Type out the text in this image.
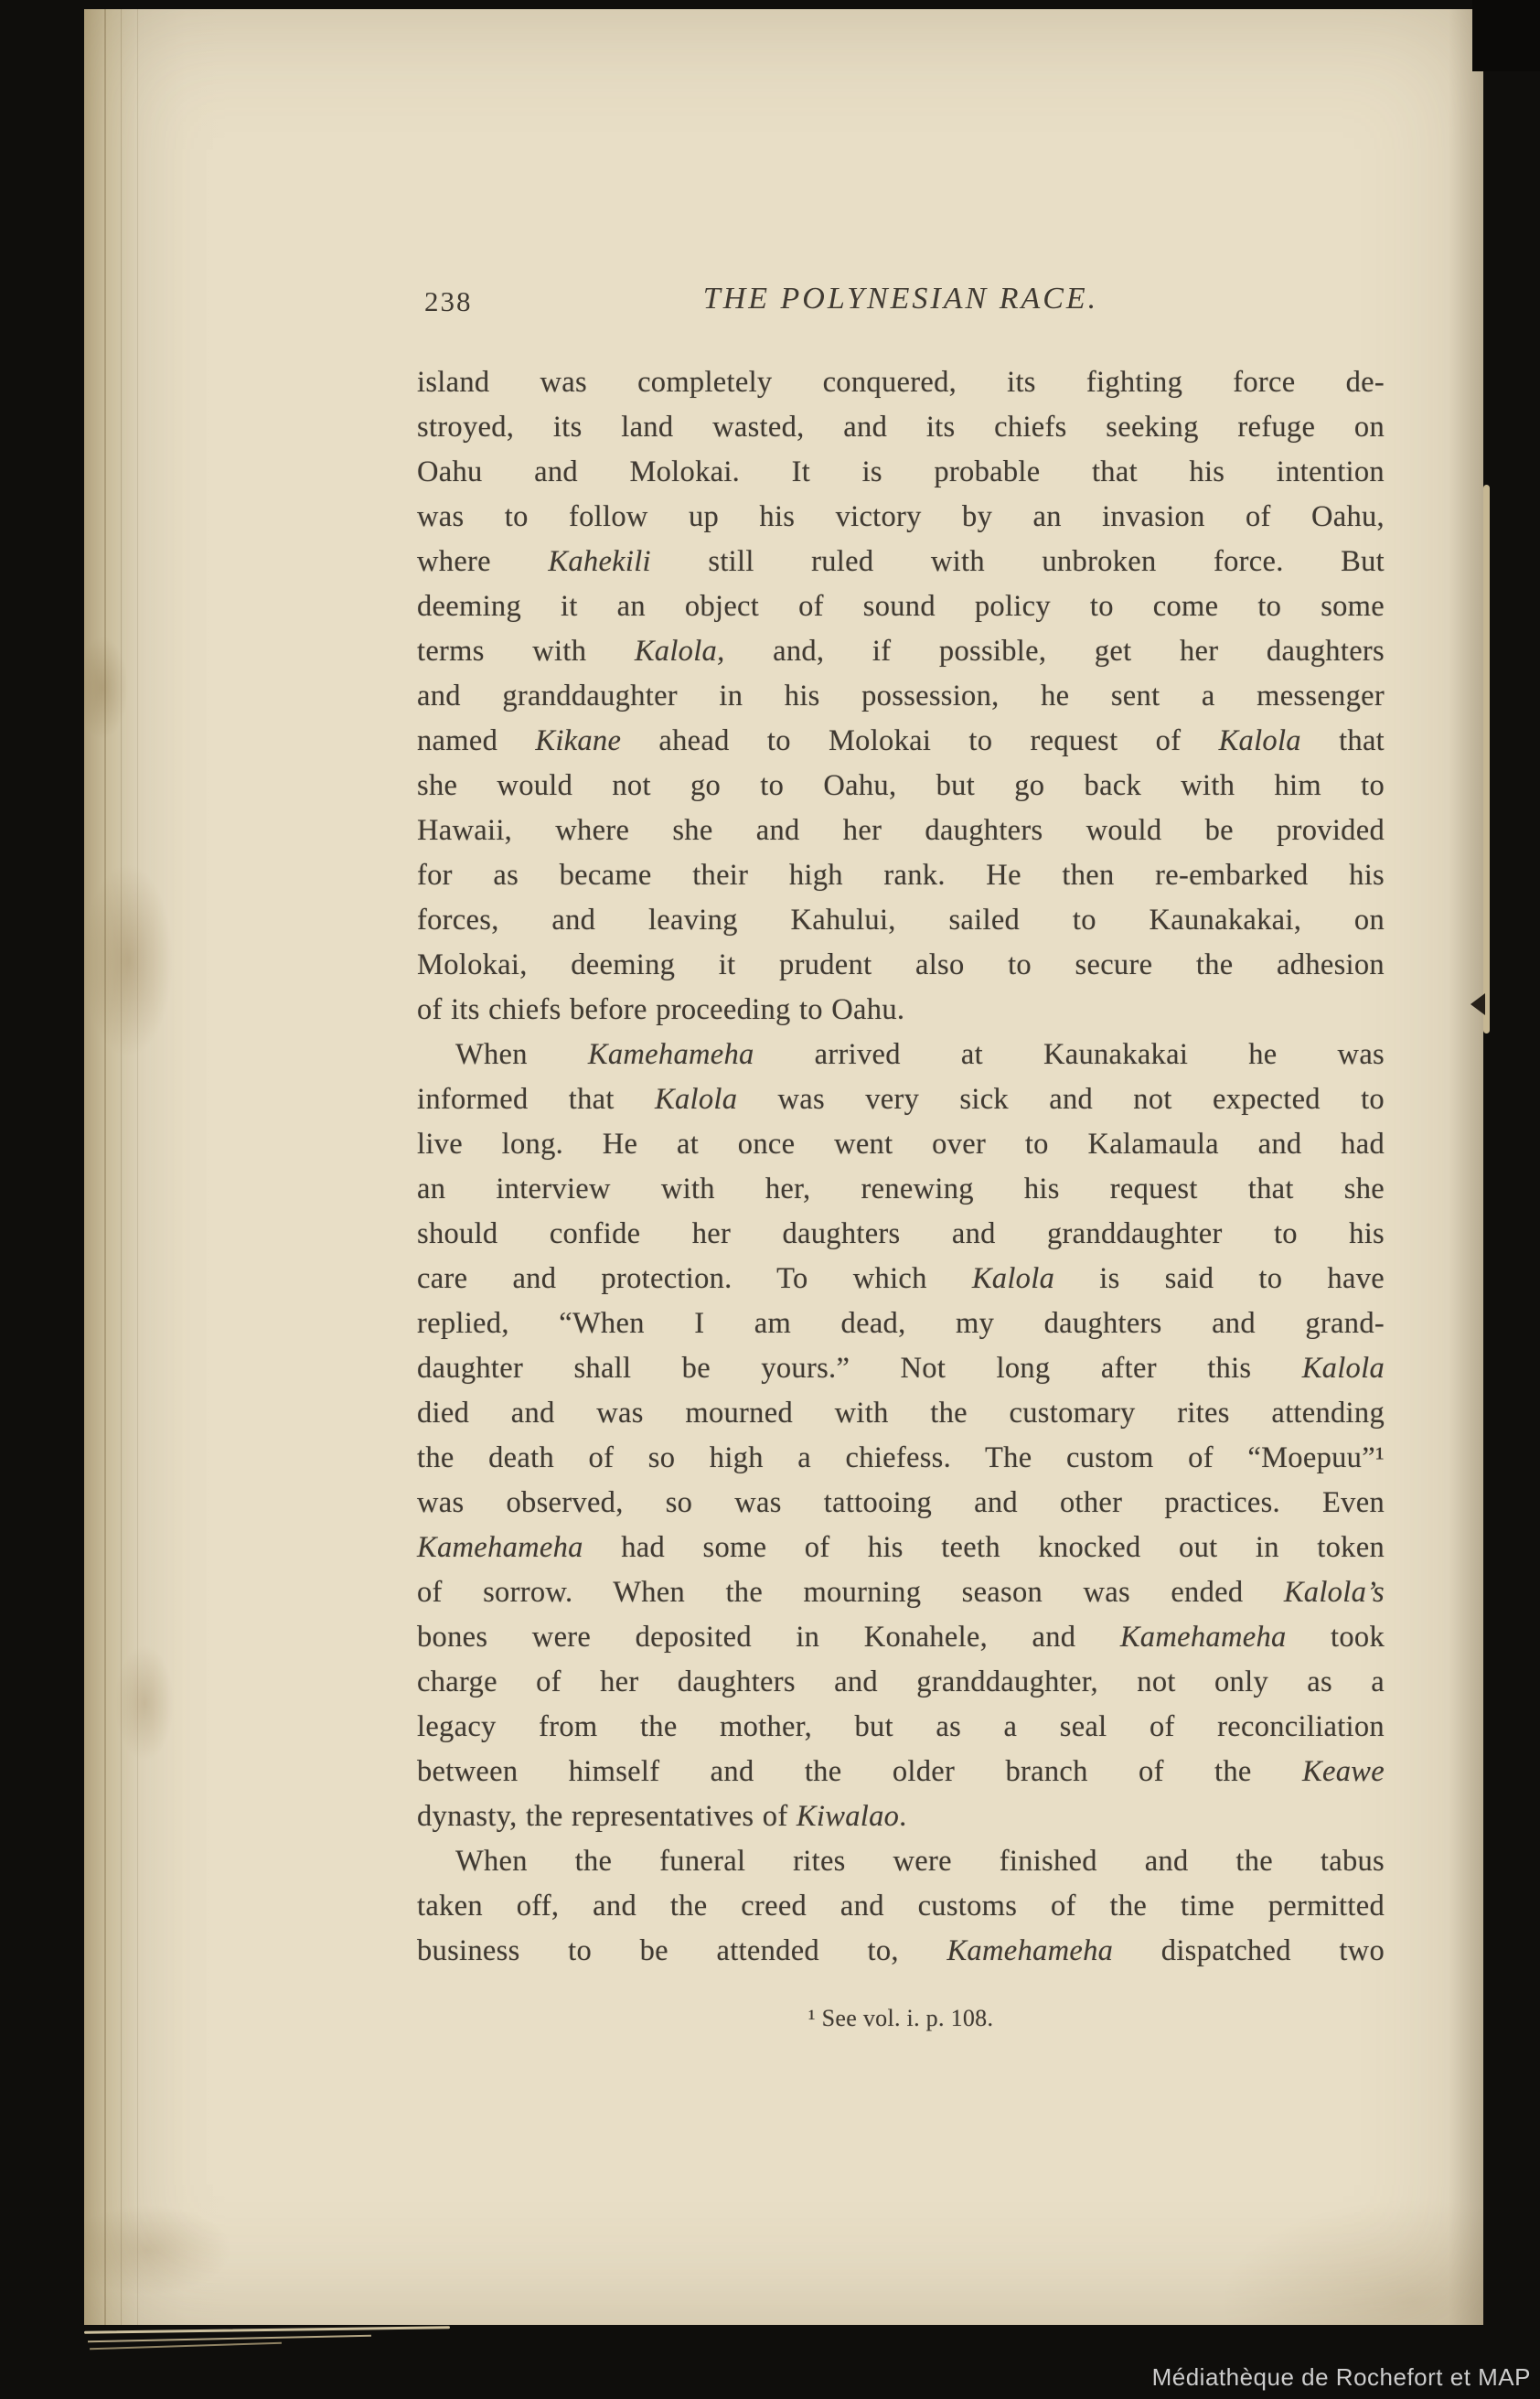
238	THE POLYNESIAN RACE.
island was completely conquered, its fighting force de-
stroyed, its land wasted, and its chiefs seeking refuge on
Oahu and Molokai. It is probable that his intention
was to follow up his victory by an invasion of Oahu,
where Kahekili still ruled with unbroken force. But
deeming it an object of sound policy to come to some
terms with Kalola, and, if possible, get her daughters
and granddaughter in his possession, he sent a messenger
named Kikane ahead to Molokai to request of Kalola that
she would not go to Oahu, but go back with him to
Hawaii, where she and her daughters would be provided
for as became their high rank. He then re-embarked his
forces, and leaving Kahului, sailed to Kaunakakai, on
Molokai, deeming it prudent also to secure the adhesion
of its chiefs before proceeding to Oahu.
When Kamehameha arrived at Kaunakakai he was
informed that Kalola was very sick and not expected to
live long. He at once went over to Kalamaula and had
an interview with her, renewing his request that she
should confide her daughters and granddaughter to his
care and protection. To which Kalola is said to have
replied, “When I am dead, my daughters and grand-
daughter shall be yours.” Not long after this Kalola
died and was mourned with the customary rites attending
the death of so high a chiefess. The custom of “Moepuu”¹
was observed, so was tattooing and other practices. Even
Kamehameha had some of his teeth knocked out in token
of sorrow. When the mourning season was ended Kalola’s
bones were deposited in Konahele, and Kamehameha took
charge of her daughters and granddaughter, not only as a
legacy from the mother, but as a seal of reconciliation
between himself and the older branch of the Keawe
dynasty, the representatives of Kiwalao.
When the funeral rites were finished and the tabus
taken off, and the creed and customs of the time permitted
business to be attended to, Kamehameha dispatched two
¹ See vol. i. p. 108.
Médiathèque de Rochefort et MAP
